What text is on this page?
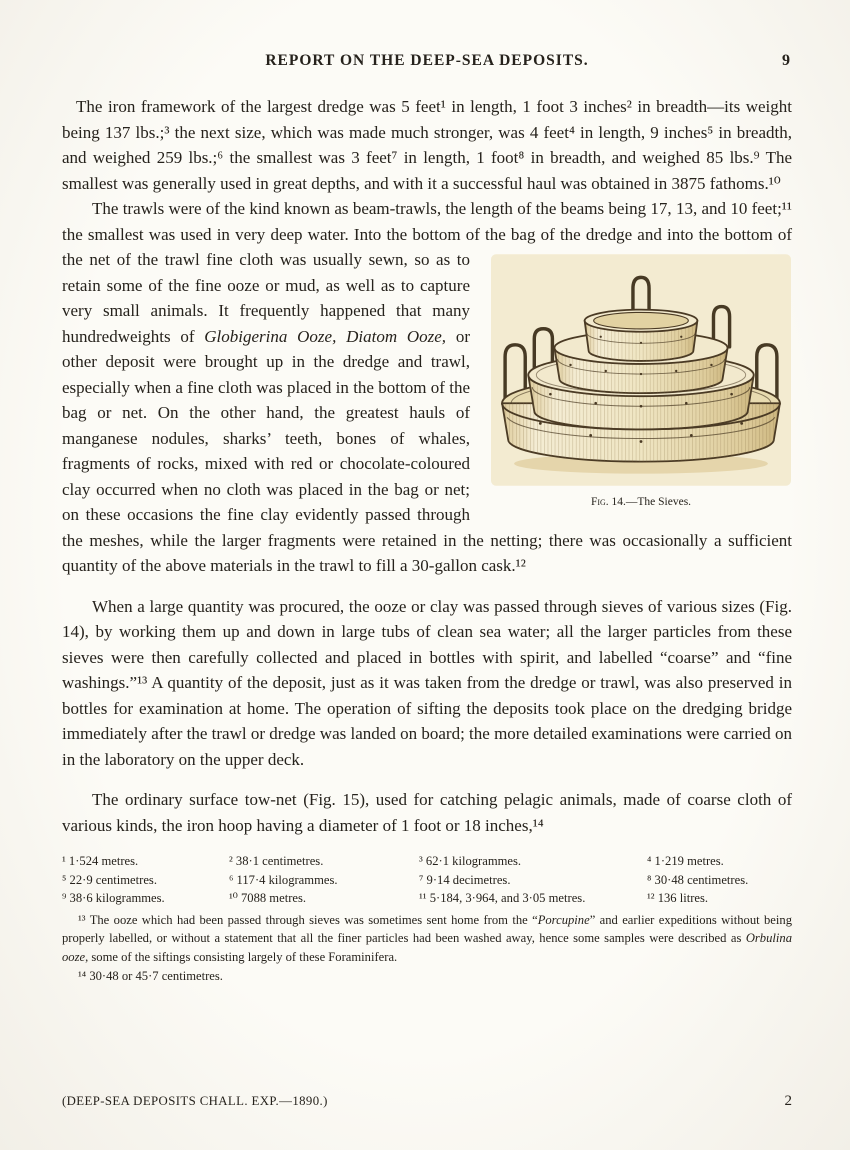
REPORT ON THE DEEP-SEA DEPOSITS.	9

The iron framework of the largest dredge was 5 feet¹ in length, 1 foot 3 inches² in breadth—its weight being 137 lbs.;³ the next size, which was made much stronger, was 4 feet⁴ in length, 9 inches⁵ in breadth, and weighed 259 lbs.;⁶ the smallest was 3 feet⁷ in length, 1 foot⁸ in breadth, and weighed 85 lbs.⁹ The smallest was generally used in great depths, and with it a successful haul was obtained in 3875 fathoms.¹⁰

The trawls were of the kind known as beam-trawls, the length of the beams being 17, 13, and 10 feet;¹¹ the smallest was used in very deep water. Into the bottom of the bag of the dredge and into the bottom of the net of the trawl fine
Fig. 14.—The Sieves.
cloth was usually sewn, so as to retain some of the fine ooze or mud, as well as to capture very small animals. It frequently happened that many hundredweights of Globigerina Ooze, Diatom Ooze, or other deposit were brought up in the dredge and trawl, especially when a fine cloth was placed in the bottom of the bag or net. On the other hand, the greatest hauls of manganese nodules, sharks’ teeth, bones of whales, fragments of rocks, mixed with red or chocolate-coloured clay occurred when no cloth was placed in the bag or net; on these occasions the fine clay evidently passed through the meshes, while the larger fragments were retained in the netting; there was occasionally a sufficient quantity of the above materials in the trawl to fill a 30-gallon cask.¹²

When a large quantity was procured, the ooze or clay was passed through sieves of various sizes (Fig. 14), by working them up and down in large tubs of clean sea water; all the larger particles from these sieves were then carefully collected and placed in bottles with spirit, and labelled “coarse” and “fine washings.”¹³ A quantity of the deposit, just as it was taken from the dredge or trawl, was also preserved in bottles for examination at home. The operation of sifting the deposits took place on the dredging bridge immediately after the trawl or dredge was landed on board; the more detailed examinations were carried on in the laboratory on the upper deck.

The ordinary surface tow-net (Fig. 15), used for catching pelagic animals, made of coarse cloth of various kinds, the iron hoop having a diameter of 1 foot or 18 inches,¹⁴

¹ 1·524 metres.	² 38·1 centimetres.	³ 62·1 kilogrammes.	⁴ 1·219 metres.
⁵ 22·9 centimetres.	⁶ 117·4 kilogrammes.	⁷ 9·14 decimetres.	⁸ 30·48 centimetres.
⁹ 38·6 kilogrammes.	¹⁰ 7088 metres.	¹¹ 5·184, 3·964, and 3·05 metres.	¹² 136 litres.

¹³ The ooze which had been passed through sieves was sometimes sent home from the “Porcupine” and earlier expeditions without being properly labelled, or without a statement that all the finer particles had been washed away, hence some samples were described as Orbulina ooze, some of the siftings consisting largely of these Foraminifera.

¹⁴ 30·48 or 45·7 centimetres.

(DEEP-SEA DEPOSITS CHALL. EXP.—1890.)	2
